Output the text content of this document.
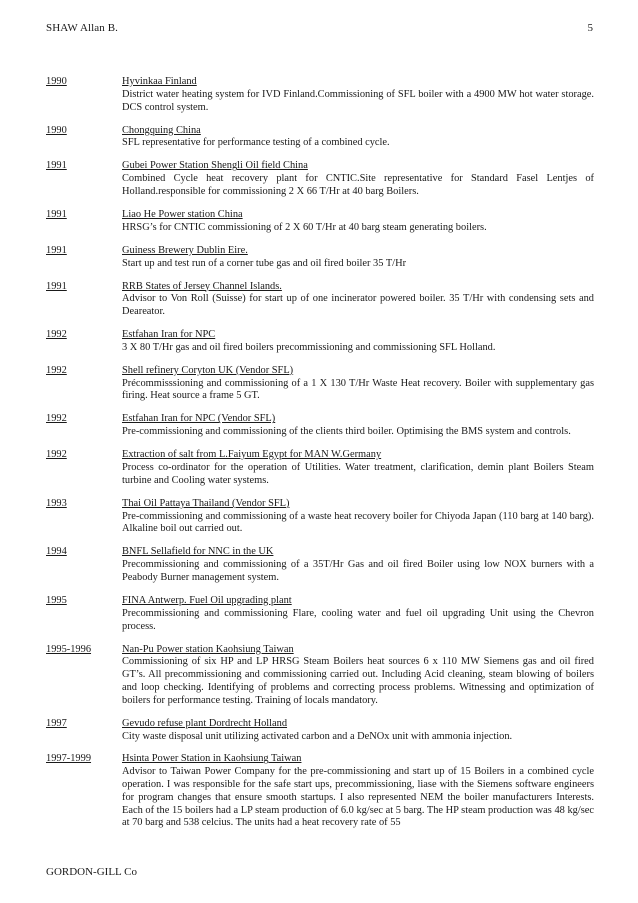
SHAW Allan B.	5
1990	Hyvinkaa Finland
District water heating system for IVD Finland.Commissioning of SFL boiler with a 4900 MW hot water storage. DCS control system.
1990	Chongquing China
SFL representative for performance testing of a combined cycle.
1991	Gubei Power Station Shengli Oil field China
Combined Cycle heat recovery plant for CNTIC.Site representative for Standard Fasel Lentjes of Holland.responsible for commissioning 2 X 66 T/Hr at 40 barg Boilers.
1991	Liao He Power station China
HRSG’s for CNTIC commissioning of 2 X 60 T/Hr at 40 barg steam generating boilers.
1991	Guiness Brewery Dublin Eire.
Start up and test run of a corner tube gas and oil fired boiler 35 T/Hr
1991	RRB States of Jersey Channel Islands.
Advisor to Von Roll (Suisse) for start up of one incinerator powered boiler. 35 T/Hr with condensing sets and Deareator.
1992	Estfahan Iran for NPC
3 X 80 T/Hr gas and oil fired boilers precommissioning and commissioning SFL Holland.
1992	Shell refinery Coryton UK (Vendor SFL)
Précommisssioning and commissioning of a 1 X 130 T/Hr Waste Heat recovery. Boiler with supplementary gas firing. Heat source a frame 5 GT.
1992	Estfahan Iran for NPC (Vendor SFL)
Pre-commissioning and commissioning of the clients third boiler. Optimising the BMS system and controls.
1992	Extraction of salt from L.Faiyum Egypt for MAN W.Germany
Process co-ordinator for the operation of Utilities. Water treatment, clarification, demin plant Boilers Steam turbine and Cooling water systems.
1993	Thai Oil Pattaya Thailand (Vendor SFL)
Pre-commissioning and commissioning of a waste heat recovery boiler for Chiyoda Japan (110 barg at 140 barg). Alkaline boil out carried out.
1994	BNFL Sellafield for NNC in the UK
Precommissioning and commissioning of a 35T/Hr Gas and oil fired Boiler using low NOX burners with a Peabody Burner management system.
1995	FINA Antwerp. Fuel Oil upgrading plant
Precommissioning and commissioning Flare, cooling water and fuel oil upgrading Unit using the Chevron process.
1995-1996	Nan-Pu Power station Kaohsiung Taiwan
Commissioning of six HP and LP HRSG Steam Boilers heat sources 6 x 110 MW Siemens gas and oil fired GT’s. All precommissioning and commissioning carried out. Including Acid cleaning, steam blowing of boilers and loop checking. Identifying of problems and correcting process problems. Witnessing and optimization of boilers for performance testing. Training of locals mandatory.
1997	Gevudo refuse plant Dordrecht Holland
City waste disposal unit utilizing activated carbon and a DeNOx unit with ammonia injection.
1997-1999	Hsinta Power Station in Kaohsiung Taiwan
Advisor to Taiwan Power Company for the pre-commissioning and start up of 15 Boilers in a combined cycle operation. I was responsible for the safe start ups, precommissioning, liase with the Siemens software engineers for program changes that ensure smooth startups. I also represented NEM the boiler manufacturers Interests. Each of the 15 boilers had a LP steam production of 6.0 kg/sec at 5 barg. The HP steam production was 48 kg/sec at 70 barg and 538 celcius. The units had a heat recovery rate of 55
GORDON-GILL Co
